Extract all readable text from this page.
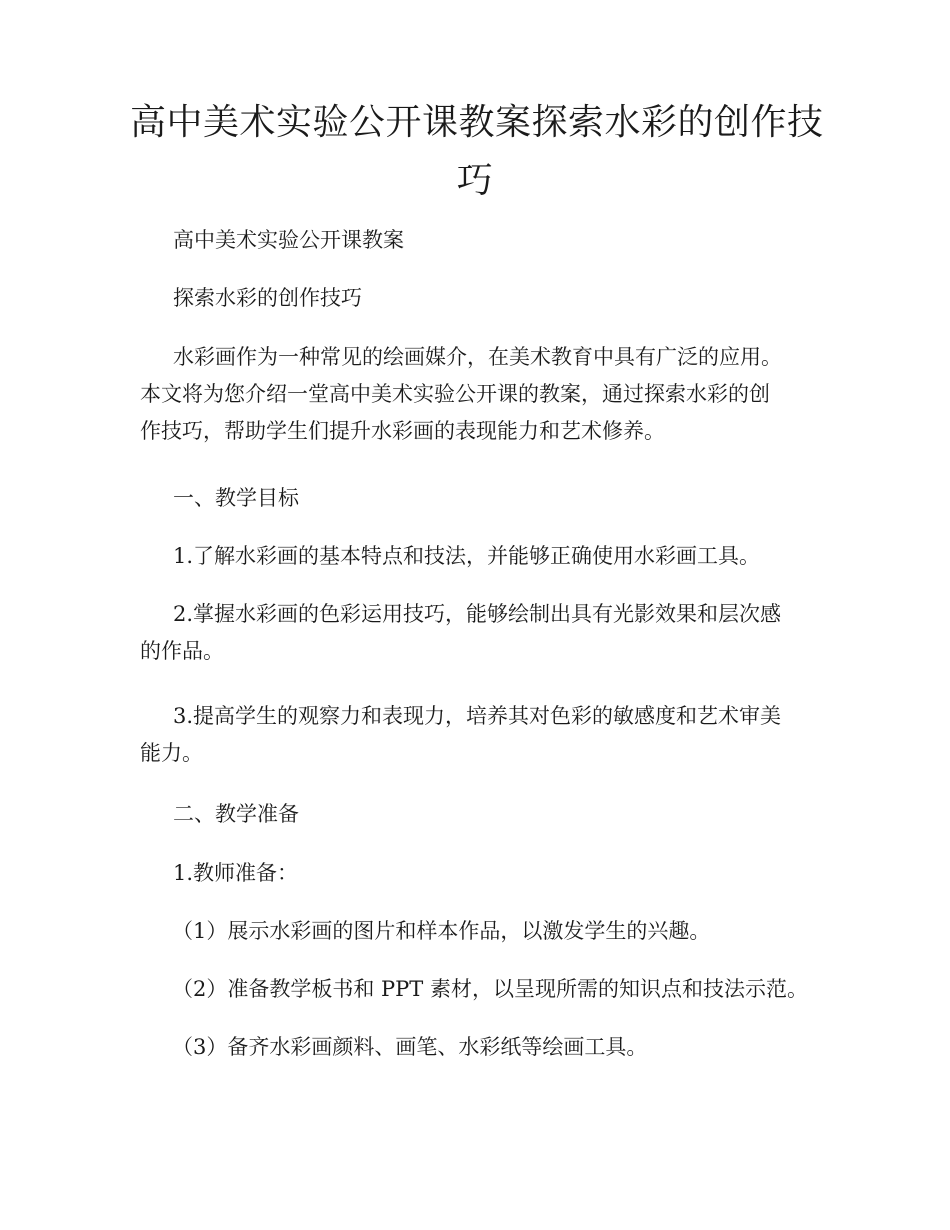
高中美术实验公开课教案探索水彩的创作技
巧

高中美术实验公开课教案

探索水彩的创作技巧

水彩画作为一种常见的绘画媒介，在美术教育中具有广泛的应用。
本文将为您介绍一堂高中美术实验公开课的教案，通过探索水彩的创
作技巧，帮助学生们提升水彩画的表现能力和艺术修养。

一、教学目标

1.了解水彩画的基本特点和技法，并能够正确使用水彩画工具。

2.掌握水彩画的色彩运用技巧，能够绘制出具有光影效果和层次感
的作品。

3.提高学生的观察力和表现力，培养其对色彩的敏感度和艺术审美
能力。

二、教学准备

1.教师准备：

（1）展示水彩画的图片和样本作品，以激发学生的兴趣。

（2）准备教学板书和 PPT 素材，以呈现所需的知识点和技法示范。

（3）备齐水彩画颜料、画笔、水彩纸等绘画工具。
